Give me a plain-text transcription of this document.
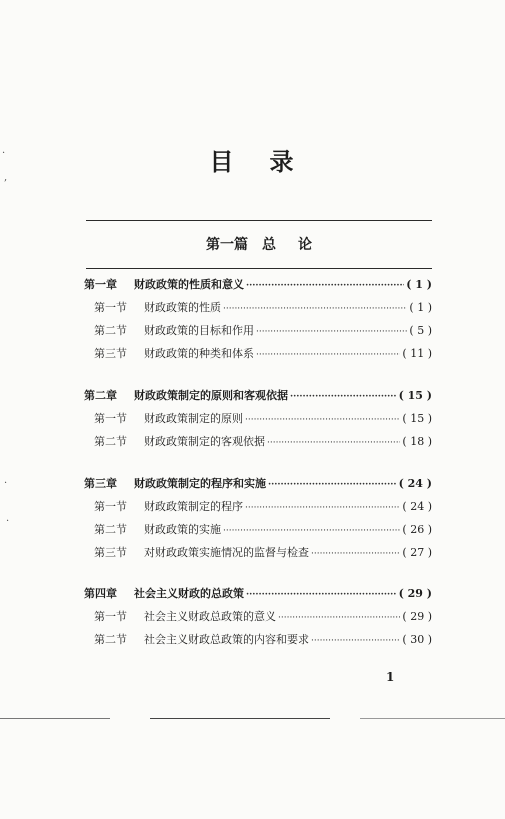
目 录
第一篇 总 论
第一章	财政政策的性质和意义 ·····	( 1 )
第一节	财政政策的性质 ·····	( 1 )
第二节	财政政策的目标和作用 ·····	( 5 )
第三节	财政政策的种类和体系 ·····	( 11 )
第二章	财政政策制定的原则和客观依据 ·····	( 15 )
第一节	财政政策制定的原则 ·····	( 15 )
第二节	财政政策制定的客观依据 ·····	( 18 )
第三章	财政政策制定的程序和实施 ·····	( 24 )
第一节	财政政策制定的程序 ·····	( 24 )
第二节	财政政策的实施 ·····	( 26 )
第三节	对财政政策实施情况的监督与检查 ·····	( 27 )
第四章	社会主义财政的总政策 ·····	( 29 )
第一节	社会主义财政总政策的意义 ·····	( 29 )
第二节	社会主义财政总政策的内容和要求 ·····	( 30 )
1
·
,
·
·
